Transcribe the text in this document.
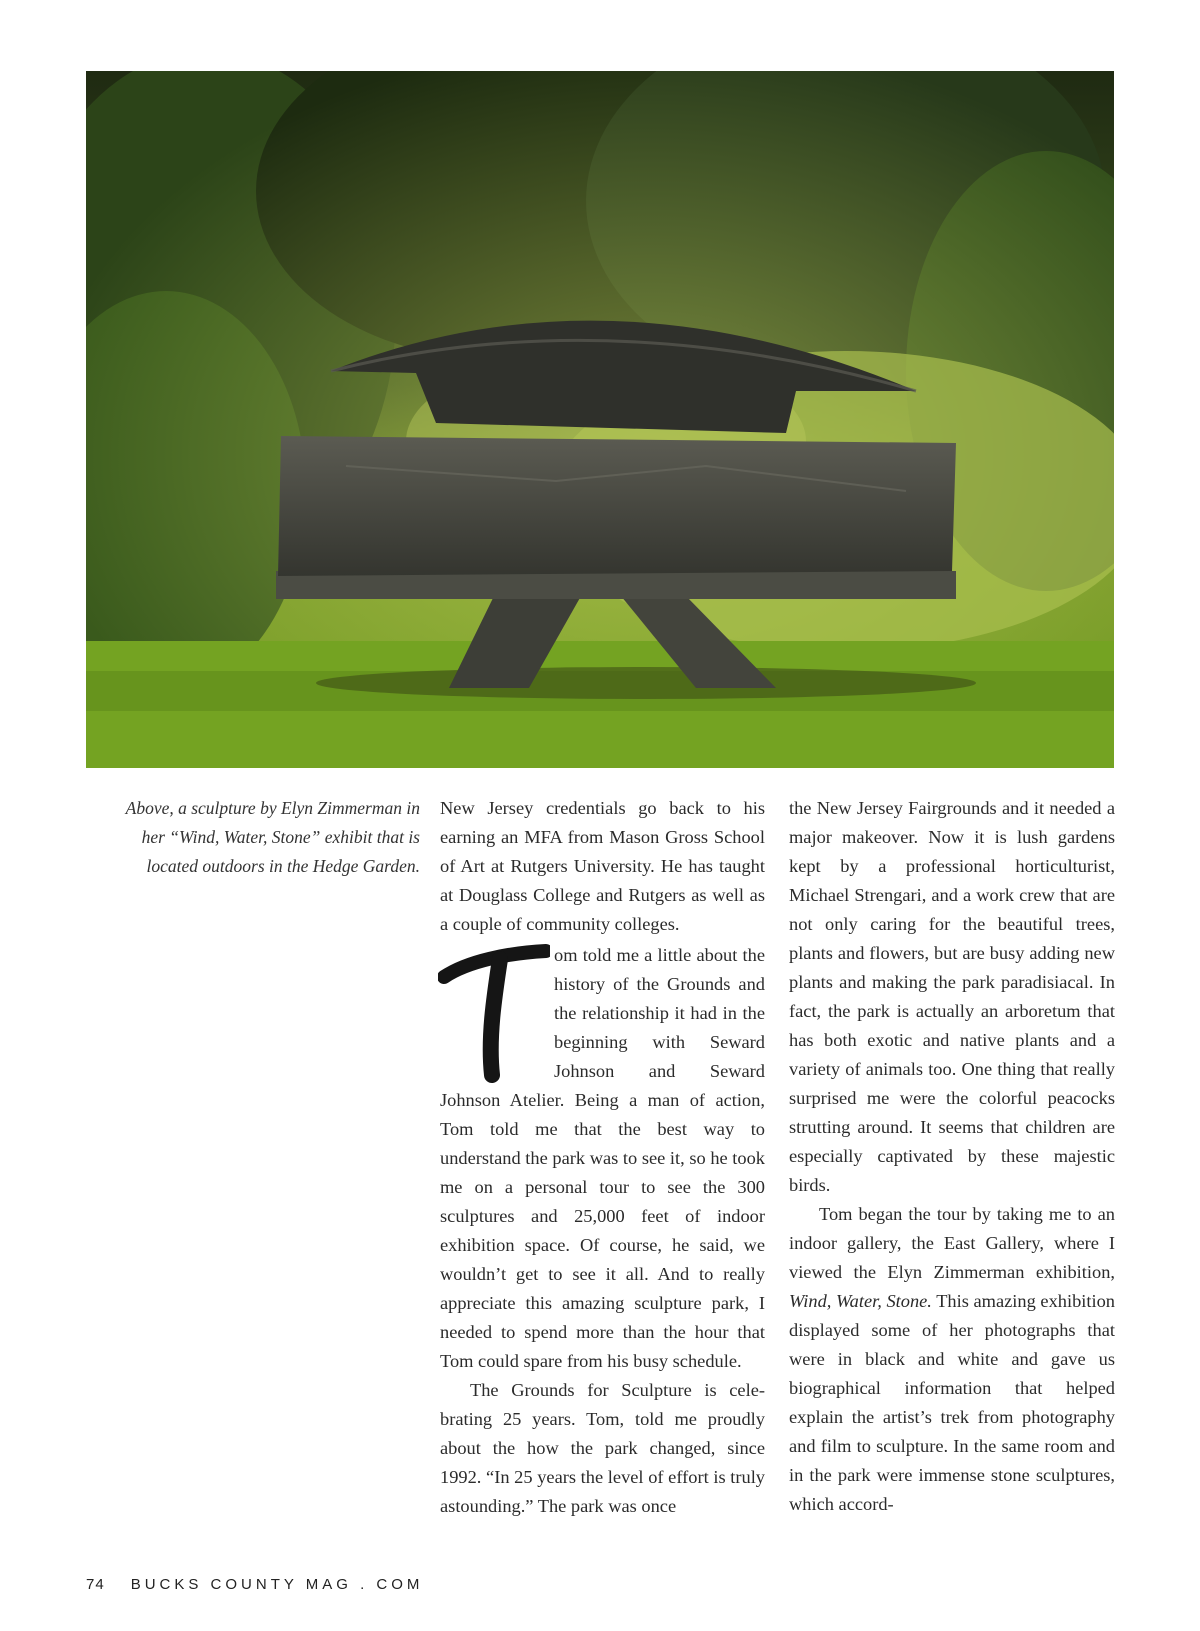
Above, a sculpture by Elyn Zimmerman in her “Wind, Water, Stone” exhibit that is located outdoors in the Hedge Garden.

New Jersey credentials go back to his earning an MFA from Mason Gross School of Art at Rutgers University. He has taught at Douglass College and Rutgers as well as a couple of community colleges.

om told me a little about the history of the Grounds and the relationship it had in the beginning with Seward Johnson and Seward Johnson Atelier. Being a man of action, Tom told me that the best way to understand the park was to see it, so he took me on a personal tour to see the 300 sculptures and 25,000 feet of indoor exhibition space. Of course, he said, we wouldn’t get to see it all. And to really appreciate this amazing sculpture park, I needed to spend more than the hour that Tom could spare from his busy schedule.

The Grounds for Sculpture is celebrating 25 years. Tom, told me proudly about the how the park changed, since 1992. “In 25 years the level of effort is truly astounding.” The park was once

the New Jersey Fairgrounds and it needed a major makeover. Now it is lush gardens kept by a professional horticulturist, Michael Strengari, and a work crew that are not only caring for the beautiful trees, plants and flowers, but are busy adding new plants and making the park paradisiacal. In fact, the park is actually an arboretum that has both exotic and native plants and a variety of animals too. One thing that really surprised me were the colorful peacocks strutting around. It seems that children are especially captivated by these majestic birds.

Tom began the tour by taking me to an indoor gallery, the East Gallery, where I viewed the Elyn Zimmerman exhibition, Wind, Water, Stone. This amazing exhibition displayed some of her photographs that were in black and white and gave us biographical information that helped explain the artist’s trek from photography and film to sculpture. In the same room and in the park were immense stone sculptures, which accord-

74 BUCKS COUNTY MAG . COM
